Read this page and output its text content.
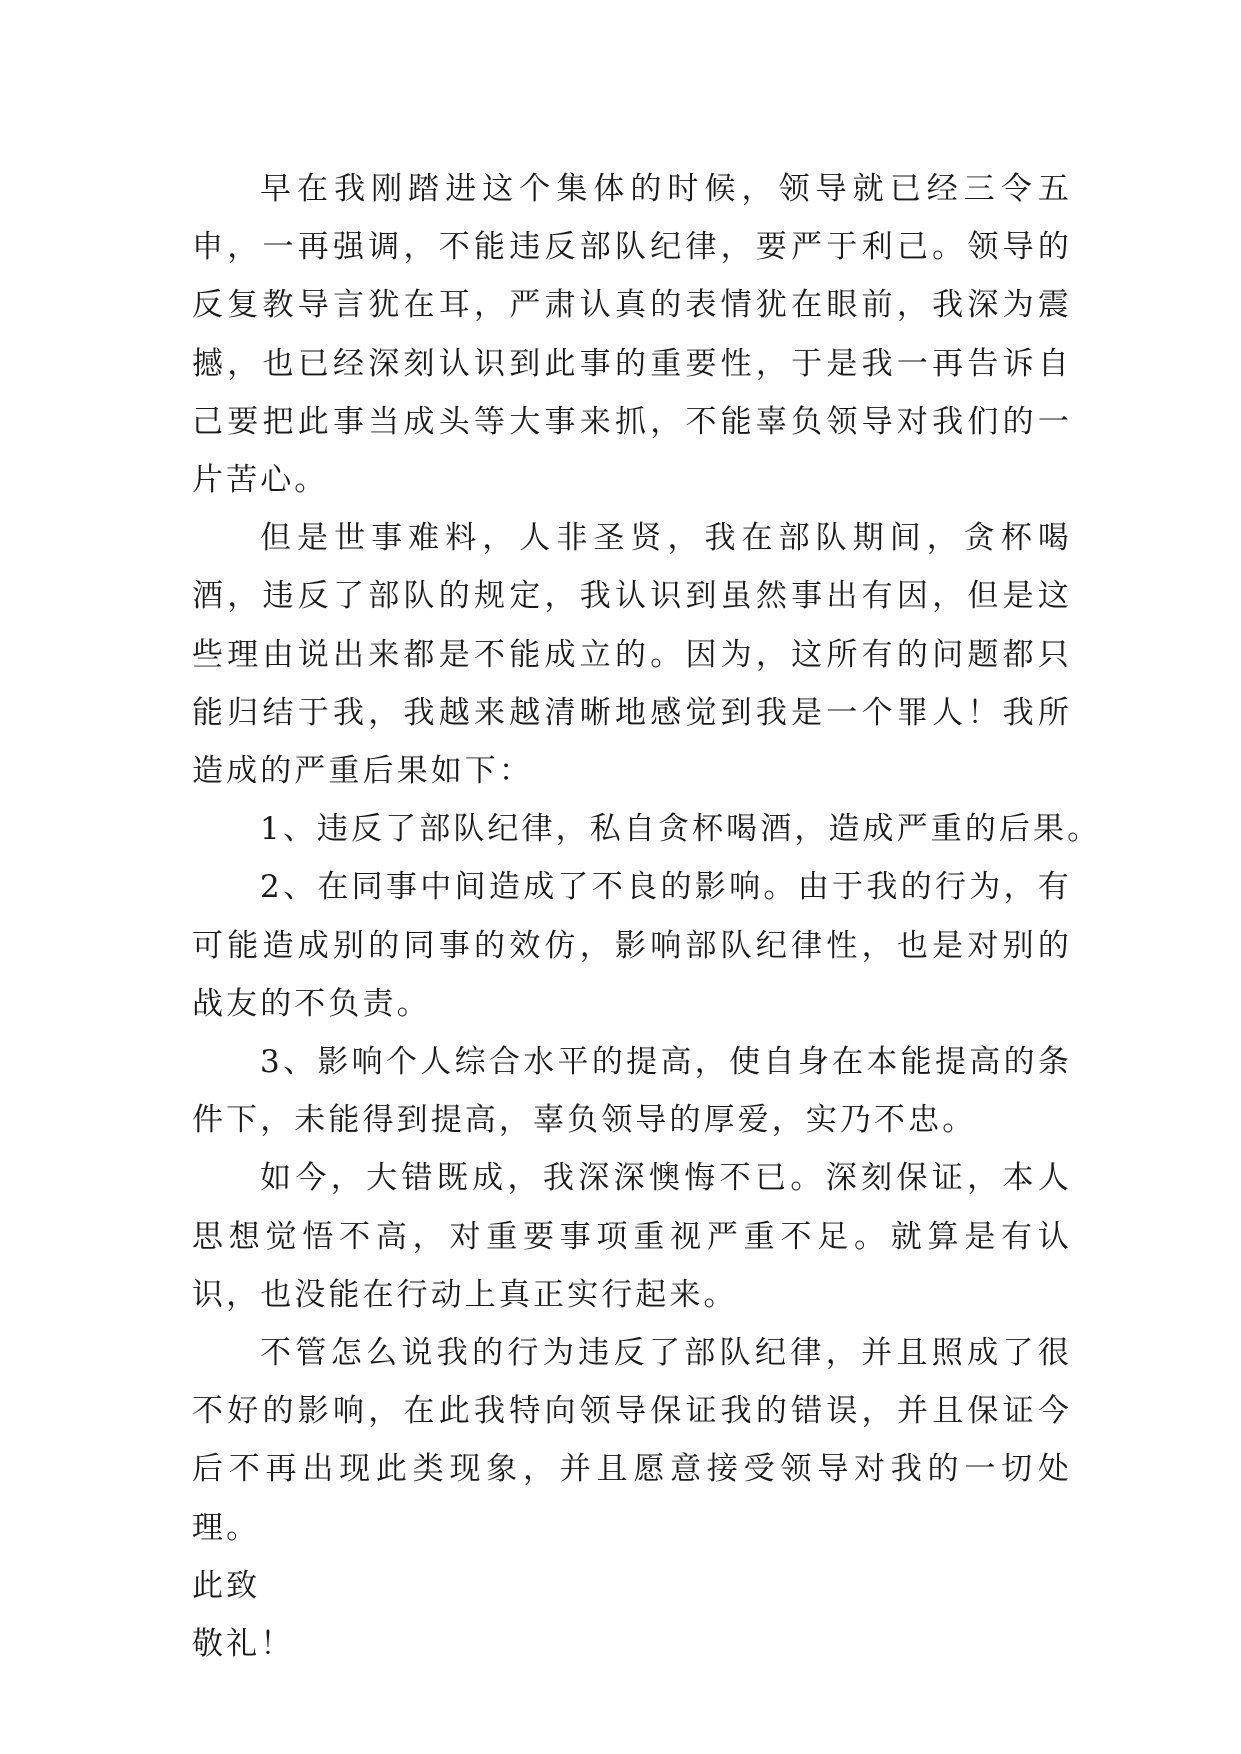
早在我刚踏进这个集体的时候，领导就已经三令五申，一再强调，不能违反部队纪律，要严于利己。领导的反复教导言犹在耳，严肃认真的表情犹在眼前，我深为震撼，也已经深刻认识到此事的重要性，于是我一再告诉自己要把此事当成头等大事来抓，不能辜负领导对我们的一片苦心。

但是世事难料，人非圣贤，我在部队期间，贪杯喝酒，违反了部队的规定，我认识到虽然事出有因，但是这些理由说出来都是不能成立的。因为，这所有的问题都只能归结于我，我越来越清晰地感觉到我是一个罪人！我所造成的严重后果如下：

1、违反了部队纪律，私自贪杯喝酒，造成严重的后果。

2、在同事中间造成了不良的影响。由于我的行为，有可能造成别的同事的效仿，影响部队纪律性，也是对别的战友的不负责。

3、影响个人综合水平的提高，使自身在本能提高的条件下，未能得到提高，辜负领导的厚爱，实乃不忠。

如今，大错既成，我深深懊悔不已。深刻保证，本人思想觉悟不高，对重要事项重视严重不足。就算是有认识，也没能在行动上真正实行起来。

不管怎么说我的行为违反了部队纪律，并且照成了很不好的影响，在此我特向领导保证我的错误，并且保证今后不再出现此类现象，并且愿意接受领导对我的一切处理。

此致

敬礼！
